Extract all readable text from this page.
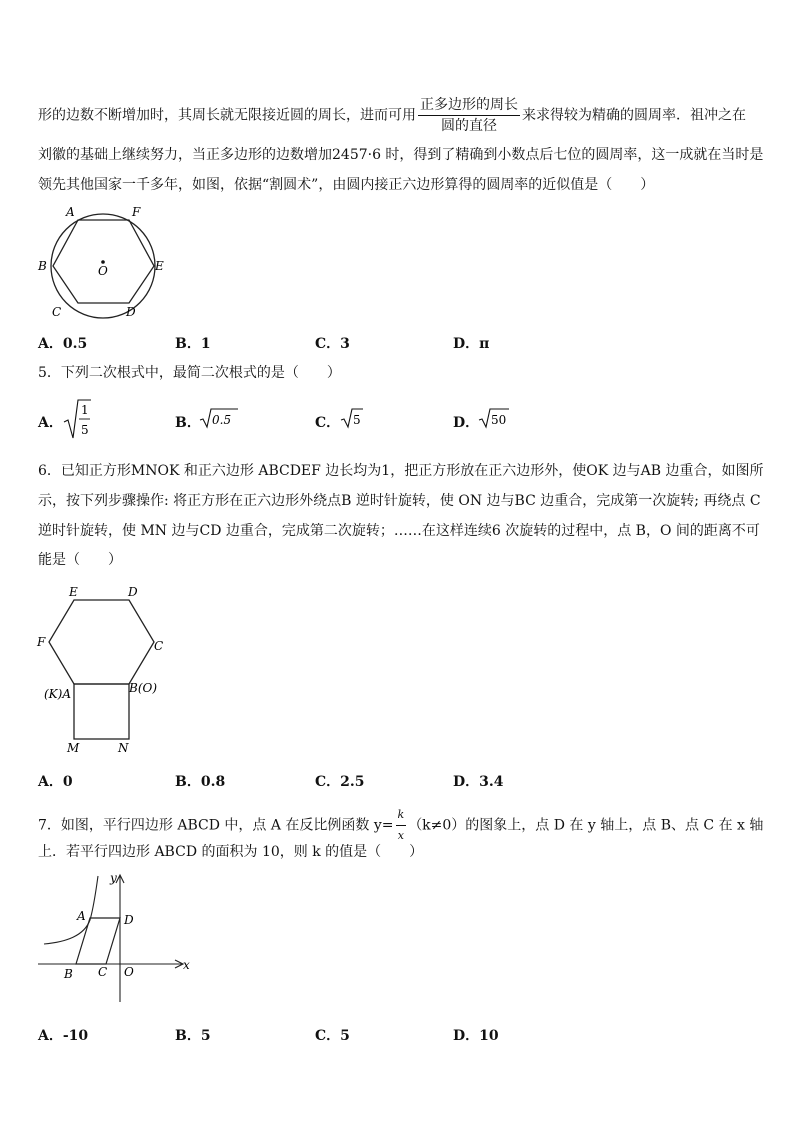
形的边数不断增加时，其周长就无限接近圆的周长，进而可用 $\frac{\text{正多边形的周长}}{\text{圆的直径}}$ 来求得较为精确的圆周率．祖冲之在
刘徽的基础上继续努力，当正多边形的边数增加2457·6 时，得到了精确到小数点后七位的圆周率，这一成就在当时是
领先其他国家一千多年，如图，依据“割圆术”，由圆内接正六边形算得的圆周率的近似值是（　　）
A	F
B	O	E
C	D
A．0.5	B．1	C．3	D．π
5．下列二次根式中，最简二次根式的是（　　）
A．
1
5	B． 0.5	C． 5	D． 50
6．已知正方形MNOK 和正六边形 ABCDEF 边长均为1，把正方形放在正六边形外，使OK 边与AB 边重合，如图所
示，按下列步骤操作: 将正方形在正六边形外绕点B 逆时针旋转，使 ON 边与BC 边重合，完成第一次旋转; 再绕点 C
逆时针旋转，使 MN 边与CD 边重合，完成第二次旋转；……在这样连续6 次旋转的过程中，点 B，O 间的距离不可
能是（　　）
E	D
F	C
(K)A	B(O)
M	N
A．0	B．0.8	C．2.5	D．3.4
7．如图，平行四边形 ABCD 中，点 A 在反比例函数 $y= \frac{k}{x} (k\ne 0)$的图象上，点 D 在 y 轴上，点 B、点 C 在 x 轴
上．若平行四边形 ABCD 的面积为 10，则 k 的值是（　　）
y
x
A	D
B C O
A．-10	B．5	C．5	D．10
